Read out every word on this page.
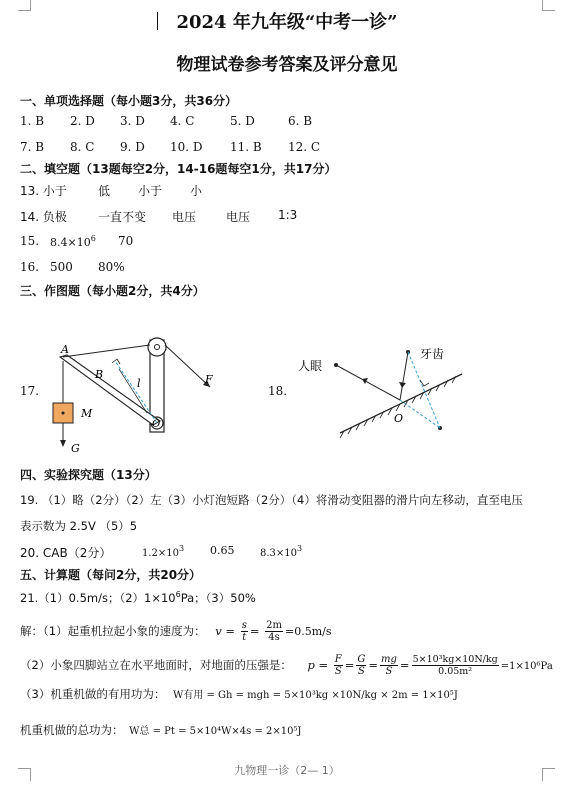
2024 年九年级“中考一诊”
物理试卷参考答案及评分意见
一、单项选择题（每小题3分，共36分）
1. B 2. D 3. D 4. C	5. D	6. B
7. B 8. C 9. D 10. D 11. B 12. C
二、填空题（13题每空2分，14-16题每空1分，共17分）
13. 小于	低 小于 小
14. 负极	一直不变 电压 电压 1:3
15. $8.4\times 10^6$ 70
16. 500 80%
三、作图题（每小题2分，共4分）
17.	18.
A
B
l
O
F
M
G
人眼
牙齿
O
四、实验探究题（13分）
19. （1）略（2分）（2）左（3）小灯泡短路（2分）（4）将滑动变阻器的滑片向左移动，直至电压
表示数为 2.5V （5）5
20. CAB（2分）	$1.2\times 10^3$ 0.65	$8.3\times 10^3$
五、计算题（每问2分，共20分）
21.（1）0.5m/s；$(2)1\times 10^6Pa$；（3）50%
解：（1）起重机拉起小象的速度为： $v = \frac{s}{t} = \frac{2m}{4s} =0.5m/s$
（2）小象四脚站立在水平地面时，对地面的压强是： $p = \frac{F}{S} = \frac{G}{S} = \frac{mg}{S} = \frac{\text{5×10³kg×10N/kg}}{\text{0.05m²}} =1\times 10^6Pa$
（3）机重机做的有用功为： W有用 = Gh = mgh = 5×10³kg ×10N/kg × 2m = 1×10⁵J
机重机做的总功为： W总 = Pt = 5×10⁴W×4s = 2×10⁵J
九物理一诊（2— 1）
